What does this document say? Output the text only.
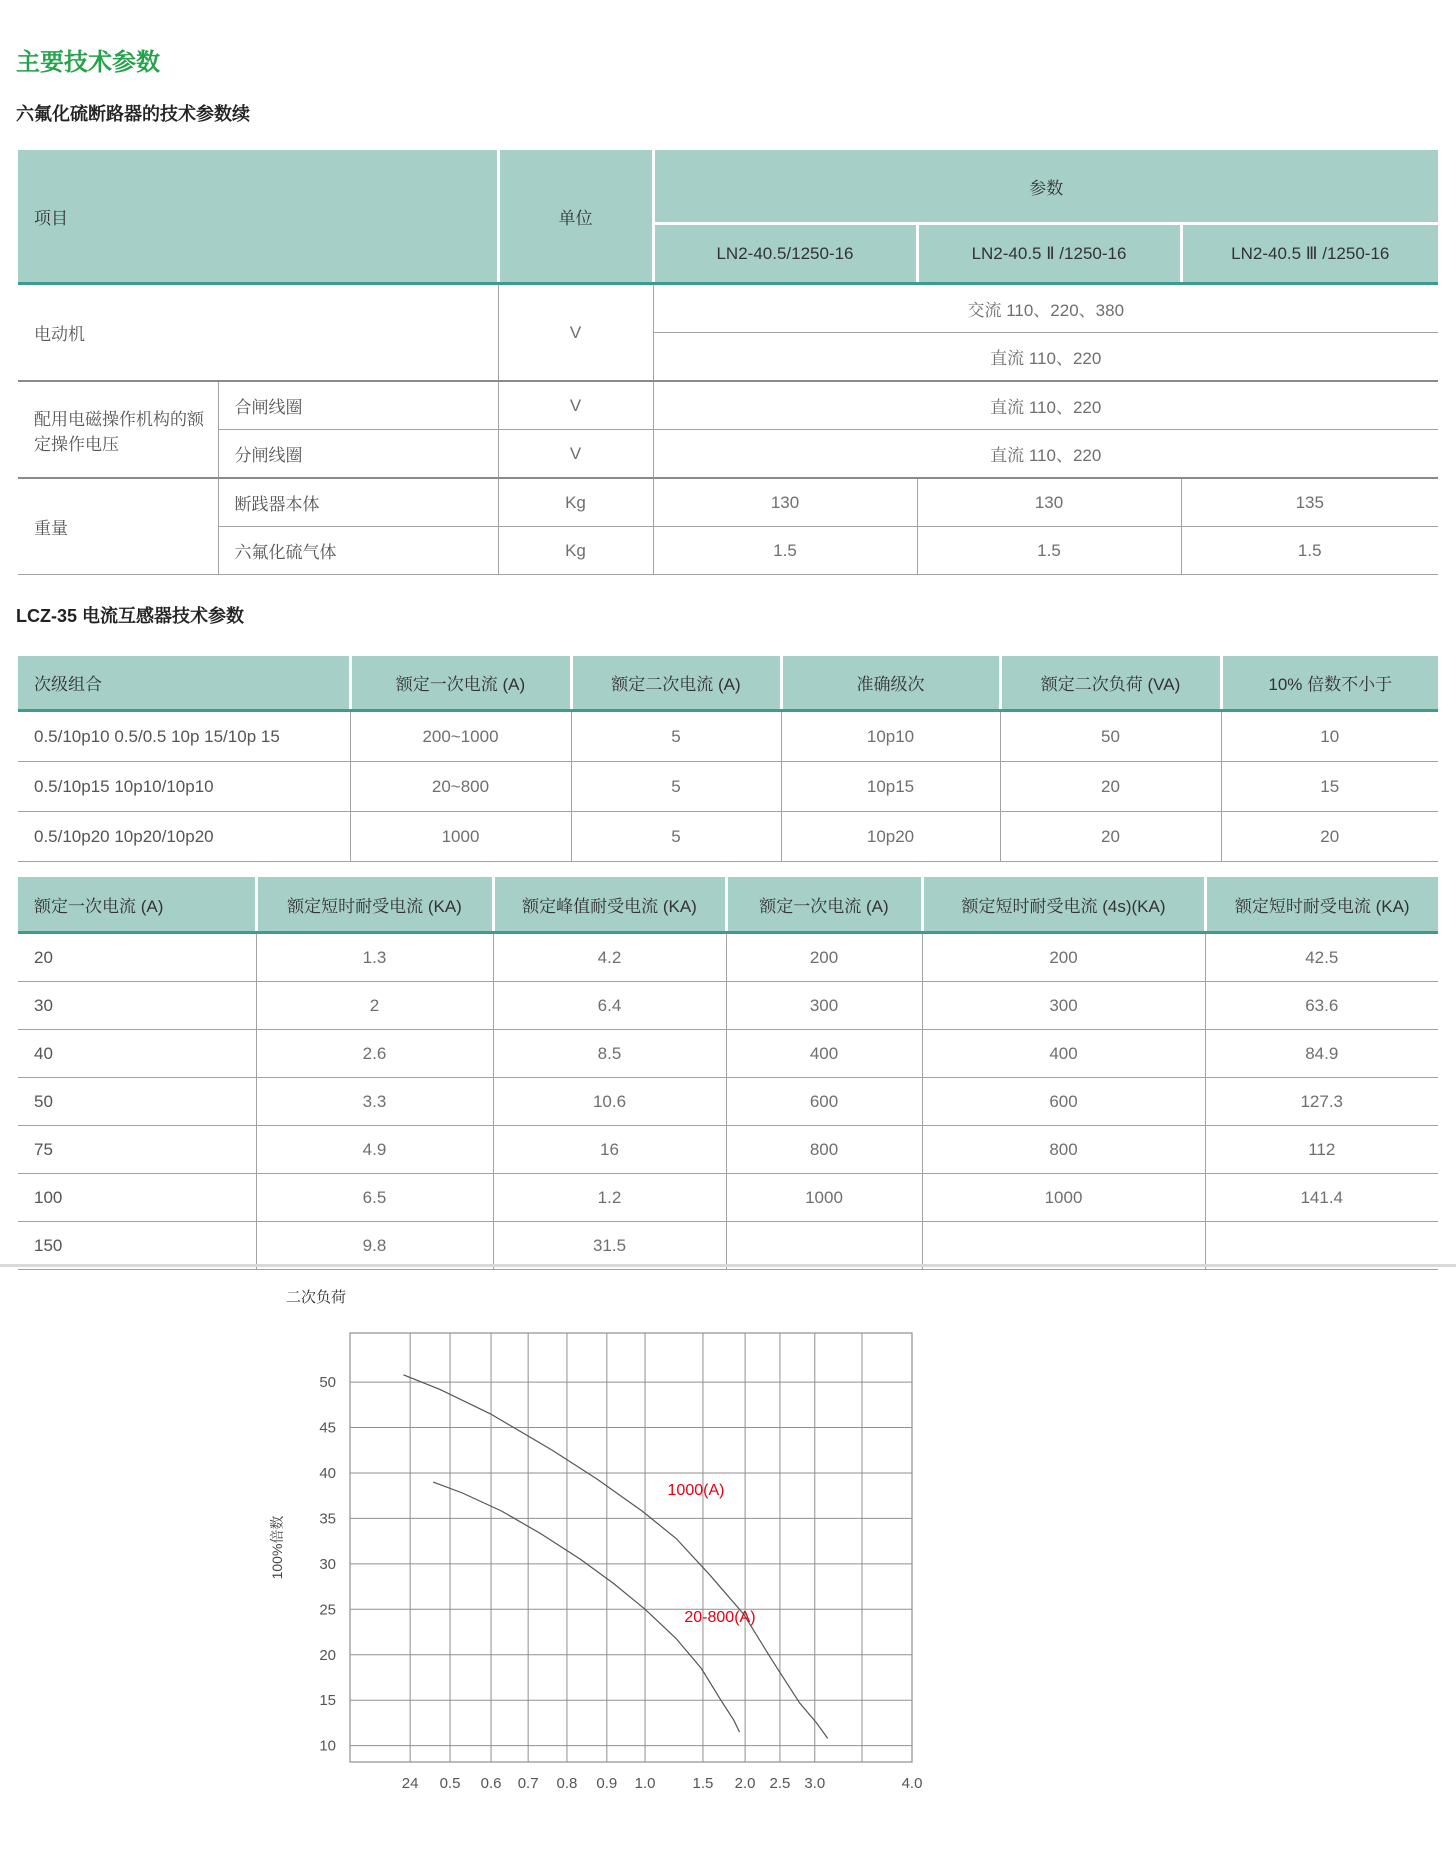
主要技术参数
六氟化硫断路器的技术参数续
项目		单位	参数		
			LN2-40.5/1250-16	LN2-40.5 Ⅱ /1250-16	LN2-40.5 Ⅲ /1250-16
电动机		V	交流 110、220、380		
			直流 110、220		
配用电磁操作机构的额定操作电压	合闸线圈	V	直流 110、220		
	分闸线圈	V	直流 110、220		
重量	断践器本体	Kg	130	130	135
	六氟化硫气体	Kg	1.5	1.5	1.5
LCZ-35 电流互感器技术参数
次级组合	额定一次电流 (A)	额定二次电流 (A)	准确级次	额定二次负荷 (VA)	10% 倍数不小于
0.5/10p10 0.5/0.5 10p 15/10p 15	200~1000	5	10p10	50	10
0.5/10p15 10p10/10p10	20~800	5	10p15	20	15
0.5/10p20 10p20/10p20	1000	5	10p20	20	20
额定一次电流 (A)	额定短时耐受电流 (KA)	额定峰值耐受电流 (KA)	额定一次电流 (A)	额定短时耐受电流 (4s)(KA)	额定短时耐受电流 (KA)
20	1.3	4.2	200	200	42.5
30	2	6.4	300	300	63.6
40	2.6	8.5	400	400	84.9
50	3.3	10.6	600	600	127.3
75	4.9	16	800	800	112
100	6.5	1.2	1000	1000	141.4
150	9.8	31.5			
二次负荷
10
15
20
25
30
35
40
45
50
24 0.5 0.6 0.7 0.8 0.9 1.0 1.5 2.0 2.5 3.0	4.0
100%倍数
1000(A)
20-800(A)
